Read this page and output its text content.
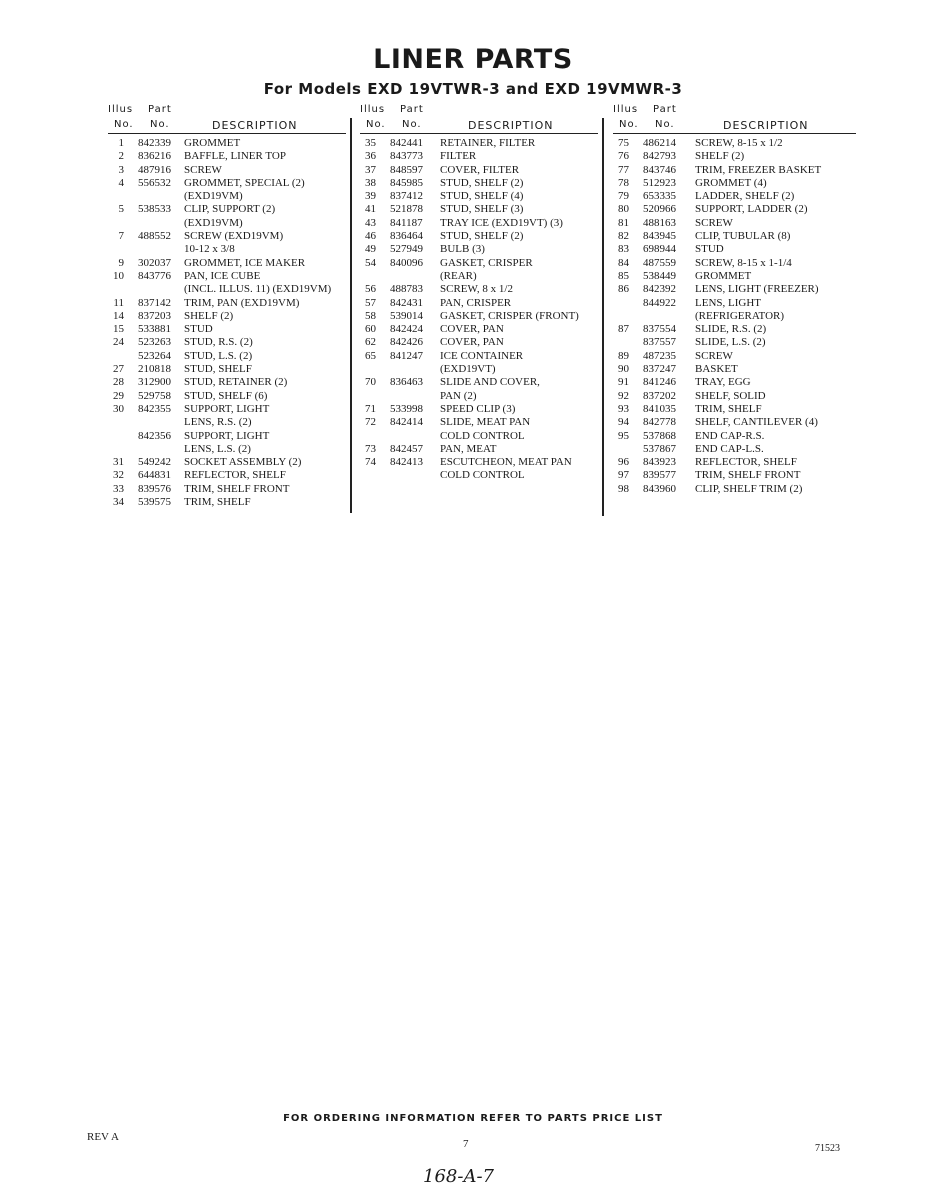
LINER PARTS
For Models EXD 19VTWR-3 and EXD 19VMWR-3
Illus Part
No. No.	DESCRIPTION
1 842339 GROMMET
2 836216 BAFFLE, LINER TOP
3 487916 SCREW
4 556532 GROMMET, SPECIAL (2)
(EXD19VM)
5 538533 CLIP, SUPPORT (2)
(EXD19VM)
7 488552 SCREW (EXD19VM)
10-12 x 3/8
9 302037 GROMMET, ICE MAKER
10 843776 PAN, ICE CUBE
(INCL. ILLUS. 11) (EXD19VM)
11 837142 TRIM, PAN (EXD19VM)
14 837203 SHELF (2)
15 533881 STUD
24 523263 STUD, R.S. (2)
523264 STUD, L.S. (2)
27 210818 STUD, SHELF
28 312900 STUD, RETAINER (2)
29 529758 STUD, SHELF (6)
30 842355 SUPPORT, LIGHT
LENS, R.S. (2)
842356 SUPPORT, LIGHT
LENS, L.S. (2)
31 549242 SOCKET ASSEMBLY (2)
32 644831 REFLECTOR, SHELF
33 839576 TRIM, SHELF FRONT
34 539575 TRIM, SHELF
Illus Part
No. No.	DESCRIPTION
35 842441 RETAINER, FILTER
36 843773 FILTER
37 848597 COVER, FILTER
38 845985 STUD, SHELF (2)
39 837412 STUD, SHELF (4)
41 521878 STUD, SHELF (3)
43 841187 TRAY ICE (EXD19VT) (3)
46 836464 STUD, SHELF (2)
49 527949 BULB (3)
54 840096 GASKET, CRISPER
(REAR)
56 488783 SCREW, 8 x 1/2
57 842431 PAN, CRISPER
58 539014 GASKET, CRISPER (FRONT)
60 842424 COVER, PAN
62 842426 COVER, PAN
65 841247 ICE CONTAINER
(EXD19VT)
70 836463 SLIDE AND COVER,
PAN (2)
71 533998 SPEED CLIP (3)
72 842414 SLIDE, MEAT PAN
COLD CONTROL
73 842457 PAN, MEAT
74 842413 ESCUTCHEON, MEAT PAN
COLD CONTROL
Illus Part
No. No.	DESCRIPTION
75 486214 SCREW, 8-15 x 1/2
76 842793 SHELF (2)
77 843746 TRIM, FREEZER BASKET
78 512923 GROMMET (4)
79 653335 LADDER, SHELF (2)
80 520966 SUPPORT, LADDER (2)
81 488163 SCREW
82 843945 CLIP, TUBULAR (8)
83 698944 STUD
84 487559 SCREW, 8-15 x 1-1/4
85 538449 GROMMET
86 842392 LENS, LIGHT (FREEZER)
844922 LENS, LIGHT
(REFRIGERATOR)
87 837554 SLIDE, R.S. (2)
837557 SLIDE, L.S. (2)
89 487235 SCREW
90 837247 BASKET
91 841246 TRAY, EGG
92 837202 SHELF, SOLID
93 841035 TRIM, SHELF
94 842778 SHELF, CANTILEVER (4)
95 537868 END CAP-R.S.
537867 END CAP-L.S.
96 843923 REFLECTOR, SHELF
97 839577 TRIM, SHELF FRONT
98 843960 CLIP, SHELF TRIM (2)
FOR ORDERING INFORMATION REFER TO PARTS PRICE LIST
REV A
7	71523
168-A-7
